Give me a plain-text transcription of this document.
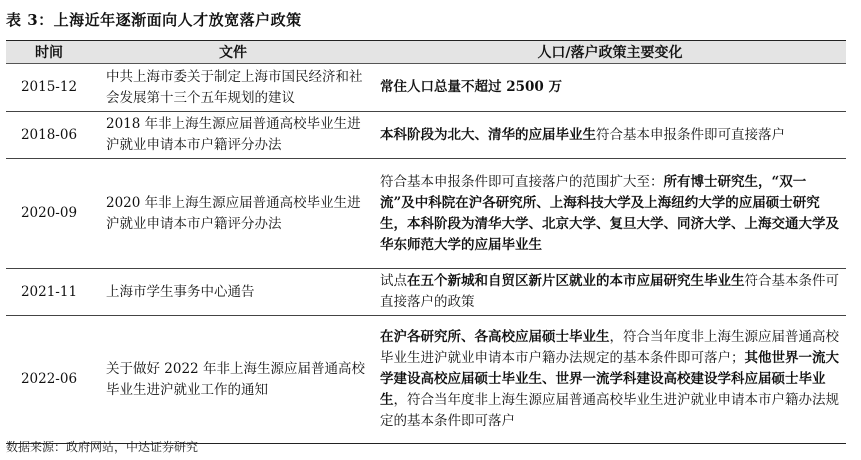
表 3：上海近年逐渐面向人才放宽落户政策
时间	文件	人口/落户政策主要变化
2015-12	中共上海市委关于制定上海市国民经济和社会发展第十三个五年规划的建议	常住人口总量不超过 2500 万
2018-06	2018 年非上海生源应届普通高校毕业生进沪就业申请本市户籍评分办法	本科阶段为北大、清华的应届毕业生符合基本申报条件即可直接落户
2020-09	2020 年非上海生源应届普通高校毕业生进沪就业申请本市户籍评分办法	符合基本申报条件即可直接落户的范围扩大至：所有博士研究生，“双一流”及中科院在沪各研究所、上海科技大学及上海纽约大学的应届硕士研究生，本科阶段为清华大学、北京大学、复旦大学、同济大学、上海交通大学及华东师范大学的应届毕业生
2021-11	上海市学生事务中心通告	试点在五个新城和自贸区新片区就业的本市应届研究生毕业生符合基本条件可直接落户的政策
2022-06	关于做好 2022 年非上海生源应届普通高校毕业生进沪就业工作的通知	在沪各研究所、各高校应届硕士毕业生，符合当年度非上海生源应届普通高校毕业生进沪就业申请本市户籍办法规定的基本条件即可落户；其他世界一流大学建设高校应届硕士毕业生、世界一流学科建设高校建设学科应届硕士毕业生，符合当年度非上海生源应届普通高校毕业生进沪就业申请本市户籍办法规定的基本条件即可落户
数据来源：政府网站，中达证券研究
